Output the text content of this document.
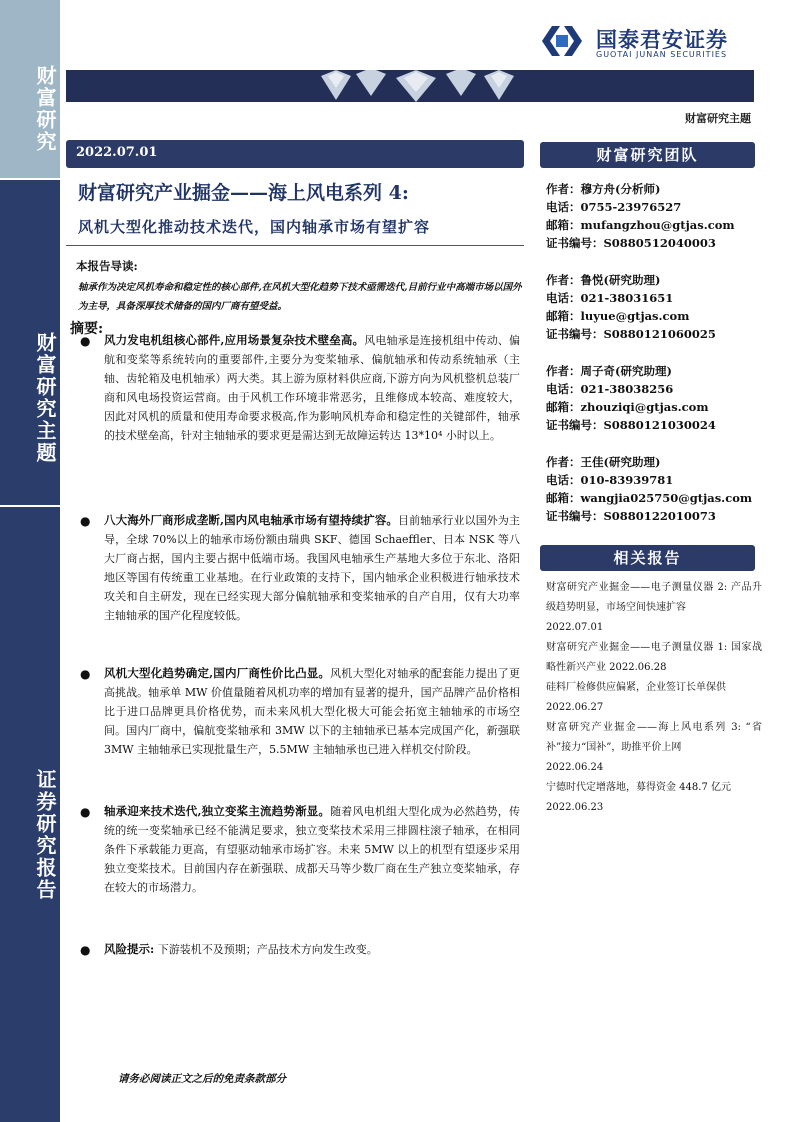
财富研究
财富研究主题
证券研究报告
国泰君安证券
GUOTAI JUNAN SECURITIES
财富研究主题
2022.07.01
财富研究产业掘金——海上风电系列 4:
风机大型化推动技术迭代，国内轴承市场有望扩容
本报告导读:
轴承作为决定风机寿命和稳定性的核心部件,在风机大型化趋势下技术亟需迭代,目前行业中高端市场以国外为主导，具备深厚技术储备的国内厂商有望受益。
摘要:
● 风力发电机组核心部件,应用场景复杂技术壁垒高。风电轴承是连接机组中传动、偏航和变桨等系统转向的重要部件,主要分为变桨轴承、偏航轴承和传动系统轴承（主轴、齿轮箱及电机轴承）两大类。其上游为原材料供应商,下游方向为风机整机总装厂商和风电场投资运营商。由于风机工作环境非常恶劣，且维修成本较高、难度较大，因此对风机的质量和使用寿命要求极高,作为影响风机寿命和稳定性的关键部件，轴承的技术壁垒高，针对主轴轴承的要求更是需达到无故障运转达 13*10⁴ 小时以上。
● 八大海外厂商形成垄断,国内风电轴承市场有望持续扩容。目前轴承行业以国外为主导，全球 70%以上的轴承市场份额由瑞典 SKF、德国 Schaeffler、日本 NSK 等八大厂商占据，国内主要占据中低端市场。我国风电轴承生产基地大多位于东北、洛阳地区等国有传统重工业基地。在行业政策的支持下，国内轴承企业积极进行轴承技术攻关和自主研发，现在已经实现大部分偏航轴承和变桨轴承的自产自用，仅有大功率主轴轴承的国产化程度较低。
● 风机大型化趋势确定,国内厂商性价比凸显。风机大型化对轴承的配套能力提出了更高挑战。轴承单 MW 价值量随着风机功率的增加有显著的提升，国产品牌产品价格相比于进口品牌更具价格优势，而未来风机大型化极大可能会拓宽主轴轴承的市场空间。国内厂商中，偏航变桨轴承和 3MW 以下的主轴轴承已基本完成国产化，新强联 3MW 主轴轴承已实现批量生产，5.5MW 主轴轴承也已进入样机交付阶段。
● 轴承迎来技术迭代,独立变桨主流趋势渐显。随着风电机组大型化成为必然趋势，传统的统一变桨轴承已经不能满足要求，独立变桨技术采用三排圆柱滚子轴承，在相同条件下承载能力更高，有望驱动轴承市场扩容。未来 5MW 以上的机型有望逐步采用独立变桨技术。目前国内存在新强联、成都天马等少数厂商在生产独立变桨轴承，存在较大的市场潜力。
● 风险提示: 下游装机不及预期；产品技术方向发生改变。
请务必阅读正文之后的免责条款部分
财富研究团队
作者：穆方舟(分析师)
电话：0755-23976527
邮箱：mufangzhou@gtjas.com
证书编号：S0880512040003
作者：鲁悦(研究助理)
电话：021-38031651
邮箱：luyue@gtjas.com
证书编号：S0880121060025
作者：周子奇(研究助理)
电话：021-38038256
邮箱：zhouziqi@gtjas.com
证书编号：S0880121030024
作者：王佳(研究助理)
电话：010-83939781
邮箱：wangjia025750@gtjas.com
证书编号：S0880122010073
相关报告
财富研究产业掘金——电子测量仪器 2: 产品升级趋势明显，市场空间快速扩容
2022.07.01
财富研究产业掘金——电子测量仪器 1: 国家战略性新兴产业 2022.06.28
硅料厂检修供应偏紧，企业签订长单保供
2022.06.27
财富研究产业掘金——海上风电系列 3: “省补”接力“国补”，助推平价上网
2022.06.24
宁德时代定增落地，募得资金 448.7 亿元
2022.06.23
